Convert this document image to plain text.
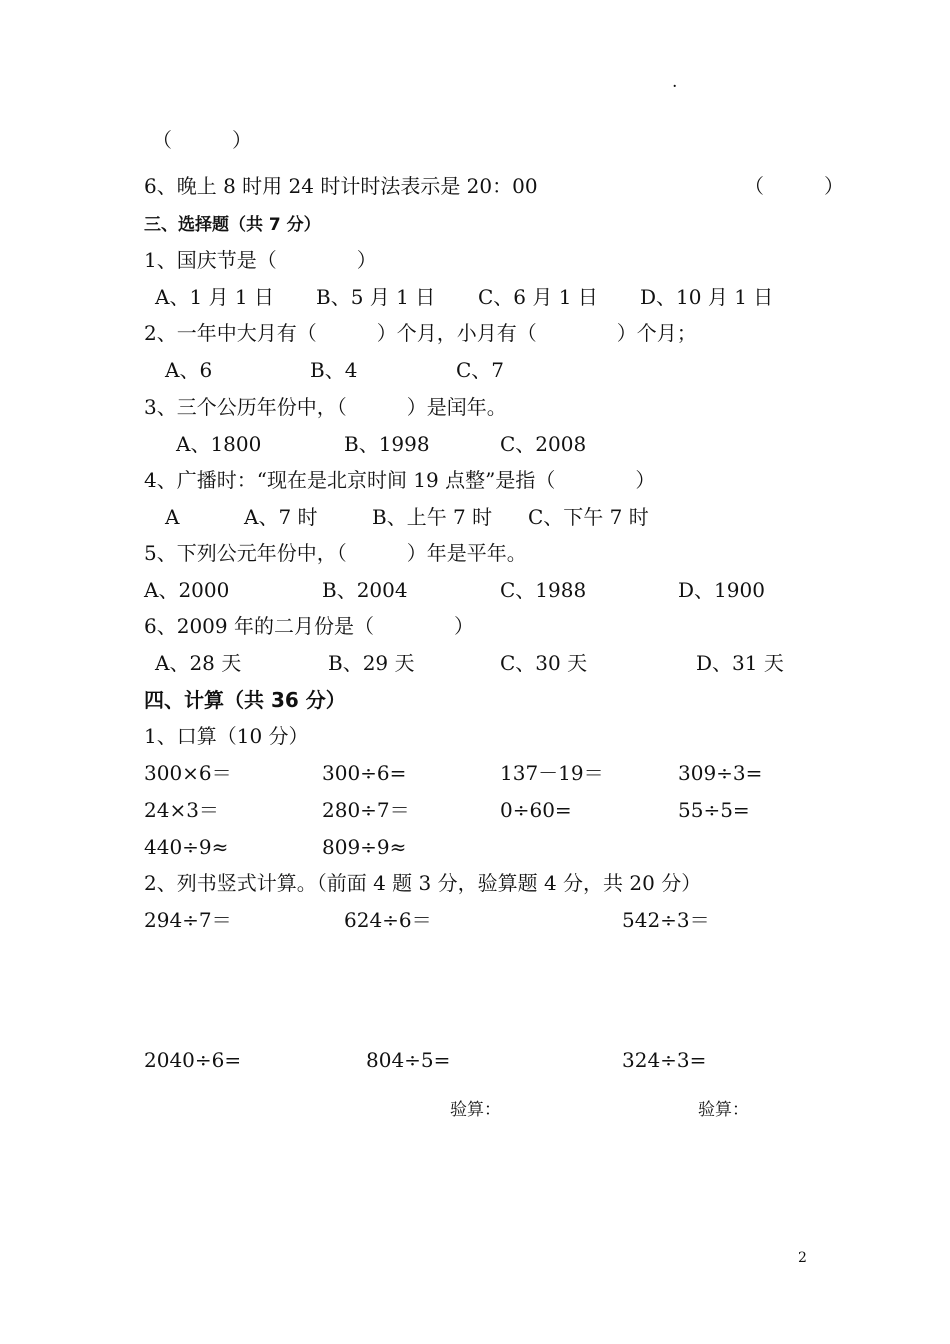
.
（　　　）
6、晚上 8 时用 24 时计时法表示是 20：00	（　　　）
三、选择题（共 7 分）
1、国庆节是（　　　　）
A、1 月 1 日 B、5 月 1 日 C、6 月 1 日 D、10 月 1 日
2、一年中大月有（　　　）个月，小月有（　　　　）个月；
A、6	B、4	C、7
3、三个公历年份中，（　　　）是闰年。
A、1800	B、1998	C、2008
4、广播时：“现在是北京时间 19 点整”是指（　　　　）
A	A、7 时	B、上午 7 时 C、下午 7 时
5、下列公元年份中，（　　　）年是平年。
A、2000	B、2004	C、1988	D、1900
6、2009 年的二月份是（　　　　）
A、28 天	B、29 天	C、30 天	D、31 天
四、计算（共 36 分）
1、口算（10 分）
300×6＝	300÷6=	137－19＝	309÷3=
24×3＝	280÷7＝	0÷60=	55÷5=
440÷9≈	809÷9≈
2、列书竖式计算。（前面 4 题 3 分，验算题 4 分，共 20 分）
294÷7＝	624÷6＝	542÷3＝
2040÷6=	804÷5=	324÷3=
验算：	验算：
2
